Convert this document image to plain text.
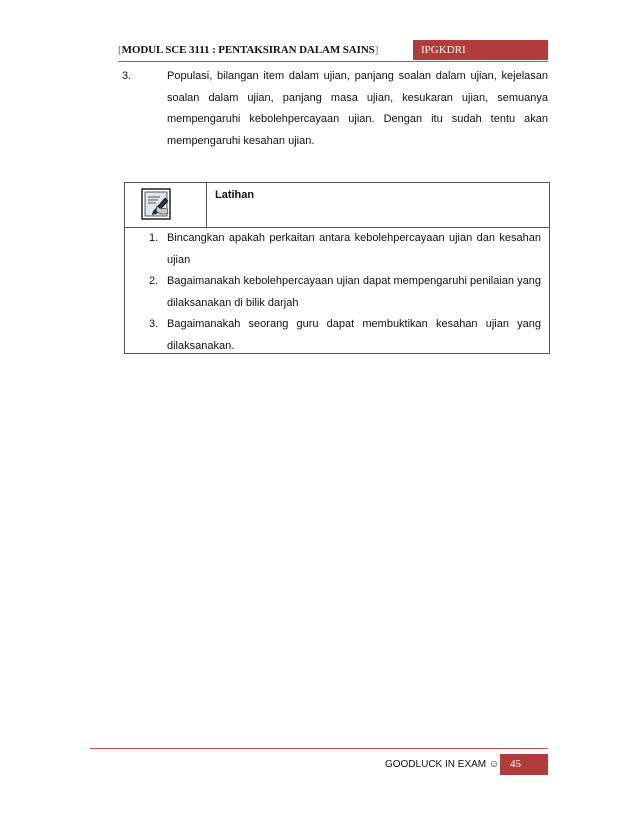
[MODUL SCE 3111 : PENTAKSIRAN DALAM SAINS]	IPGKDRI
3.	Populasi, bilangan item dalam ujian, panjang soalan dalam ujian, kejelasan soalan dalam ujian, panjang masa ujian, kesukaran ujian, semuanya mempengaruhi kebolehpercayaan ujian. Dengan itu sudah tentu akan mempengaruhi kesahan ujian.
Latihan
1. Bincangkan apakah perkaitan antara kebolehpercayaan ujian dan kesahan ujian
2. Bagaimanakah kebolehpercayaan ujian dapat mempengaruhi penilaian yang dilaksanakan di bilik darjah
3. Bagaimanakah seorang guru dapat membuktikan kesahan ujian yang dilaksanakan.
GOODLUCK IN EXAM ☺ 45
